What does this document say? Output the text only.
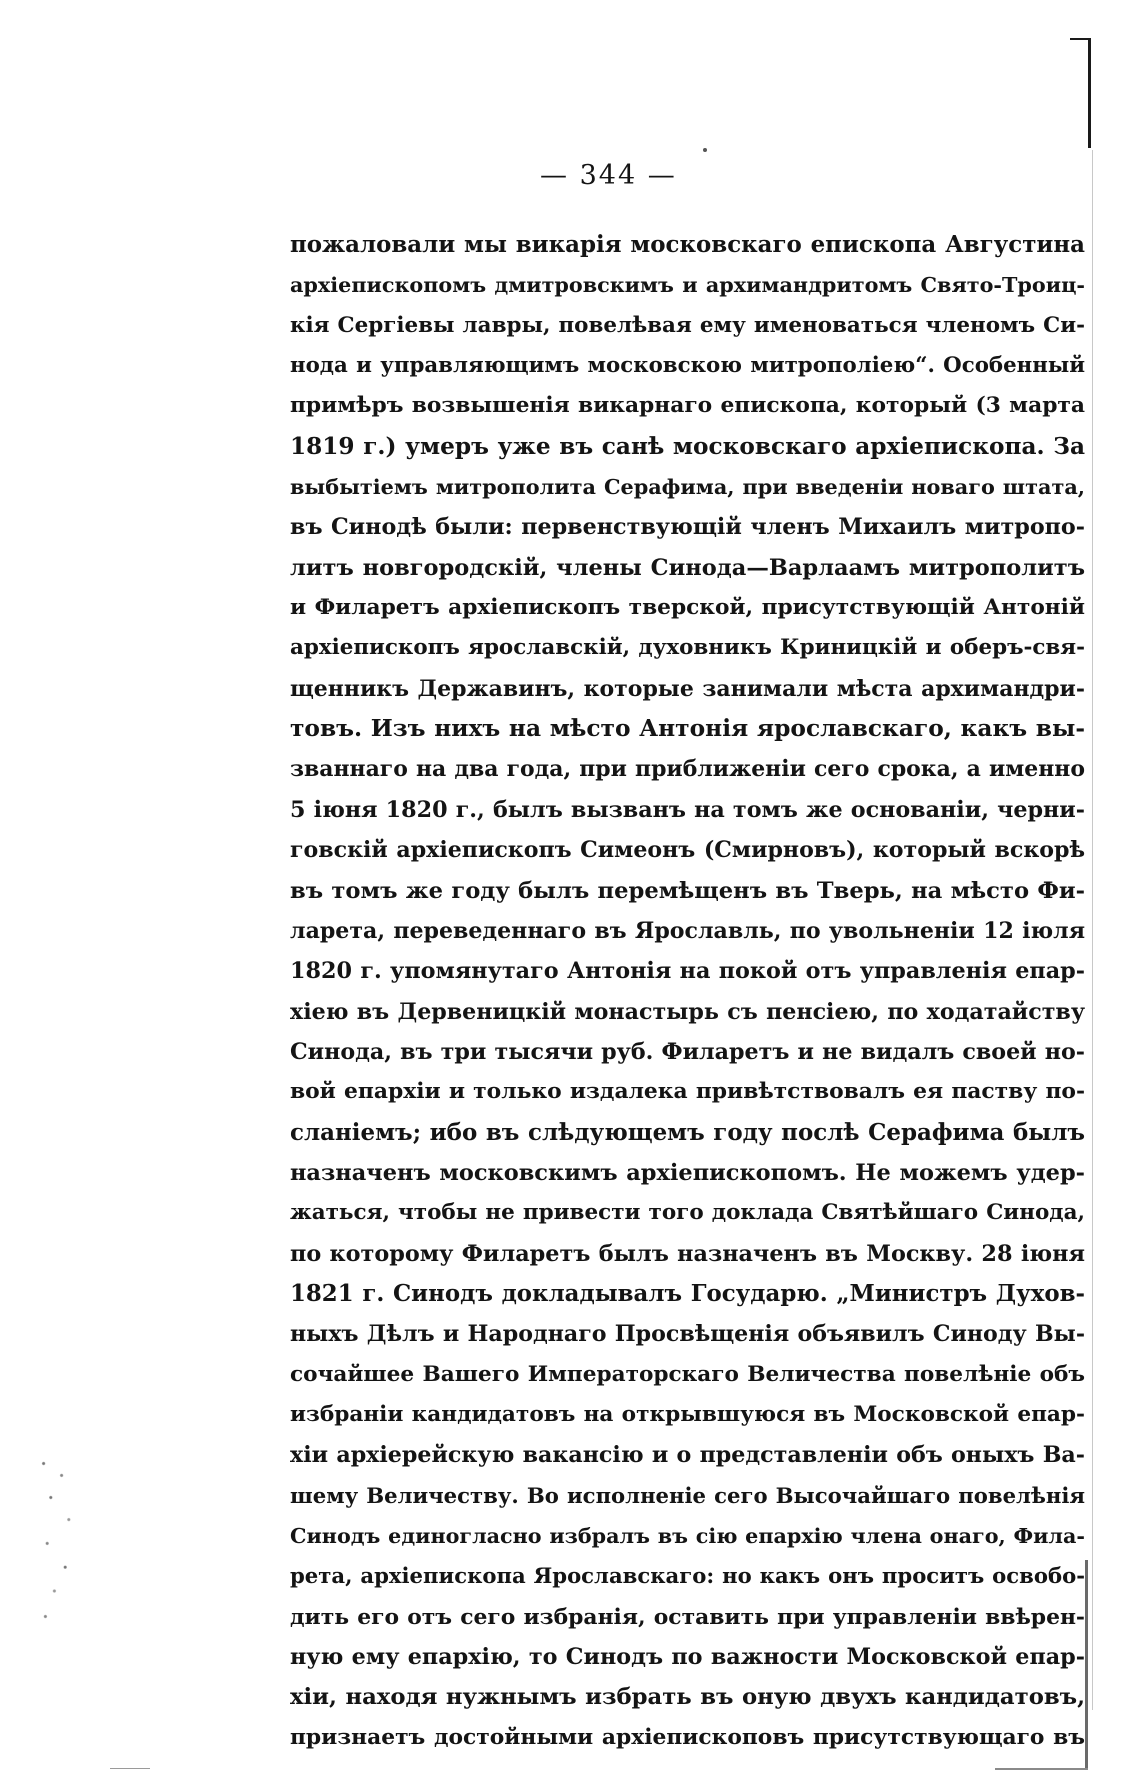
— 344 —
пожаловали мы викарія московскаго епископа Августина
архіепископомъ дмитровскимъ и архимандритомъ Свято-Троиц-
кія Сергіевы лавры, повелѣвая ему именоваться членомъ Си-
нода и управляющимъ московскою митрополіею“. Особенный
примѣръ возвышенія викарнаго епископа, который (3 марта
1819 г.) умеръ уже въ санѣ московскаго архіепископа. За
выбытіемъ митрополита Серафима, при введеніи новаго штата,
въ Синодѣ были: первенствующій членъ Михаилъ митропо-
литъ новгородскій, члены Синода—Варлаамъ митрополитъ
и Филаретъ архіепископъ тверской, присутствующій Антоній
архіепископъ ярославскій, духовникъ Криницкій и оберъ-свя-
щенникъ Державинъ, которые занимали мѣста архимандри-
товъ. Изъ нихъ на мѣсто Антонія ярославскаго, какъ вы-
званнаго на два года, при приближеніи сего срока, а именно
5 іюня 1820 г., былъ вызванъ на томъ же основаніи, черни-
говскій архіепископъ Симеонъ (Смирновъ), который вскорѣ
въ томъ же году былъ перемѣщенъ въ Тверь, на мѣсто Фи-
ларета, переведеннаго въ Ярославль, по увольненіи 12 іюля
1820 г. упомянутаго Антонія на покой отъ управленія епар-
хіею въ Дервеницкій монастырь съ пенсіею, по ходатайству
Синода, въ три тысячи руб. Филаретъ и не видалъ своей но-
вой епархіи и только издалека привѣтствовалъ ея паству по-
сланіемъ; ибо въ слѣдующемъ году послѣ Серафима былъ
назначенъ московскимъ архіепископомъ. Не можемъ удер-
жаться, чтобы не привести того доклада Святѣйшаго Синода,
по которому Филаретъ былъ назначенъ въ Москву. 28 іюня
1821 г. Синодъ докладывалъ Государю. „Министръ Духов-
ныхъ Дѣлъ и Народнаго Просвѣщенія объявилъ Синоду Вы-
сочайшее Вашего Императорскаго Величества повелѣніе объ
избраніи кандидатовъ на открывшуюся въ Московской епар-
хіи архіерейскую вакансію и о представленіи объ оныхъ Ва-
шему Величеству. Во исполненіе сего Высочайшаго повелѣнія
Синодъ единогласно избралъ въ сію епархію члена онаго, Фила-
рета, архіепископа Ярославскаго: но какъ онъ проситъ освобо-
дить его отъ сего избранія, оставить при управленіи ввѣрен-
ную ему епархію, то Синодъ по важности Московской епар-
хіи, находя нужнымъ избрать въ оную двухъ кандидатовъ,
признаетъ достойными архіепископовъ присутствующаго въ
